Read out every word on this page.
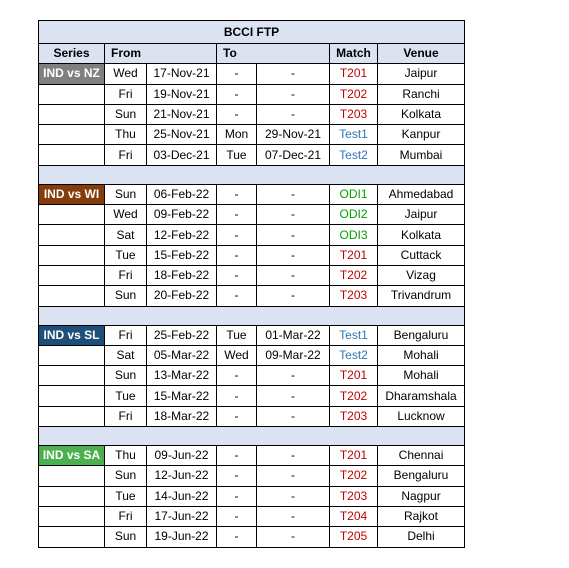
BCCI FTP						
Series	From		To		Match	Venue
IND vs NZ	Wed	17-Nov-21	-	-	T201	Jaipur
	Fri	19-Nov-21	-	-	T202	Ranchi
	Sun	21-Nov-21	-	-	T203	Kolkata
	Thu	25-Nov-21	Mon	29-Nov-21	Test1	Kanpur
	Fri	03-Dec-21	Tue	07-Dec-21	Test2	Mumbai

IND vs WI	Sun	06-Feb-22	-	-	ODI1	Ahmedabad
	Wed	09-Feb-22	-	-	ODI2	Jaipur
	Sat	12-Feb-22	-	-	ODI3	Kolkata
	Tue	15-Feb-22	-	-	T201	Cuttack
	Fri	18-Feb-22	-	-	T202	Vizag
	Sun	20-Feb-22	-	-	T203	Trivandrum

IND vs SL	Fri	25-Feb-22	Tue	01-Mar-22	Test1	Bengaluru
	Sat	05-Mar-22	Wed	09-Mar-22	Test2	Mohali
	Sun	13-Mar-22	-	-	T201	Mohali
	Tue	15-Mar-22	-	-	T202	Dharamshala
	Fri	18-Mar-22	-	-	T203	Lucknow

IND vs SA	Thu	09-Jun-22	-	-	T201	Chennai
	Sun	12-Jun-22	-	-	T202	Bengaluru
	Tue	14-Jun-22	-	-	T203	Nagpur
	Fri	17-Jun-22	-	-	T204	Rajkot
	Sun	19-Jun-22	-	-	T205	Delhi
